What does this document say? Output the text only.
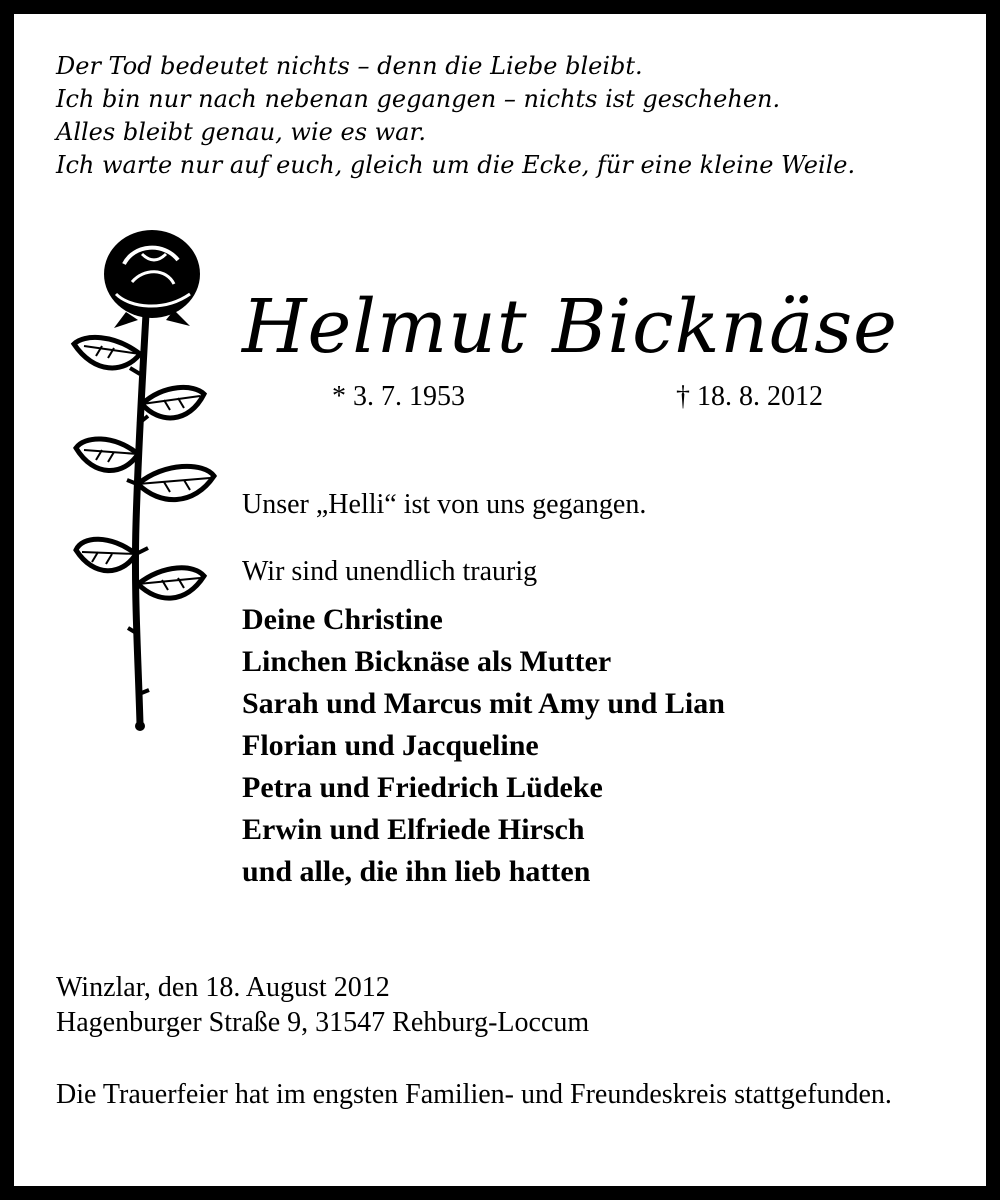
Der Tod bedeutet nichts – denn die Liebe bleibt.
Ich bin nur nach nebenan gegangen – nichts ist geschehen.
Alles bleibt genau, wie es war.
Ich warte nur auf euch, gleich um die Ecke, für eine kleine Weile.
Helmut Bicknäse
* 3. 7. 1953	† 18. 8. 2012
Unser „Helli“ ist von uns gegangen.
Wir sind unendlich traurig
Deine Christine
Linchen Bicknäse als Mutter
Sarah und Marcus mit Amy und Lian
Florian und Jacqueline
Petra und Friedrich Lüdeke
Erwin und Elfriede Hirsch
und alle, die ihn lieb hatten
Winzlar, den 18. August 2012
Hagenburger Straße 9, 31547 Rehburg-Loccum
Die Trauerfeier hat im engsten Familien- und Freundeskreis stattgefunden.
